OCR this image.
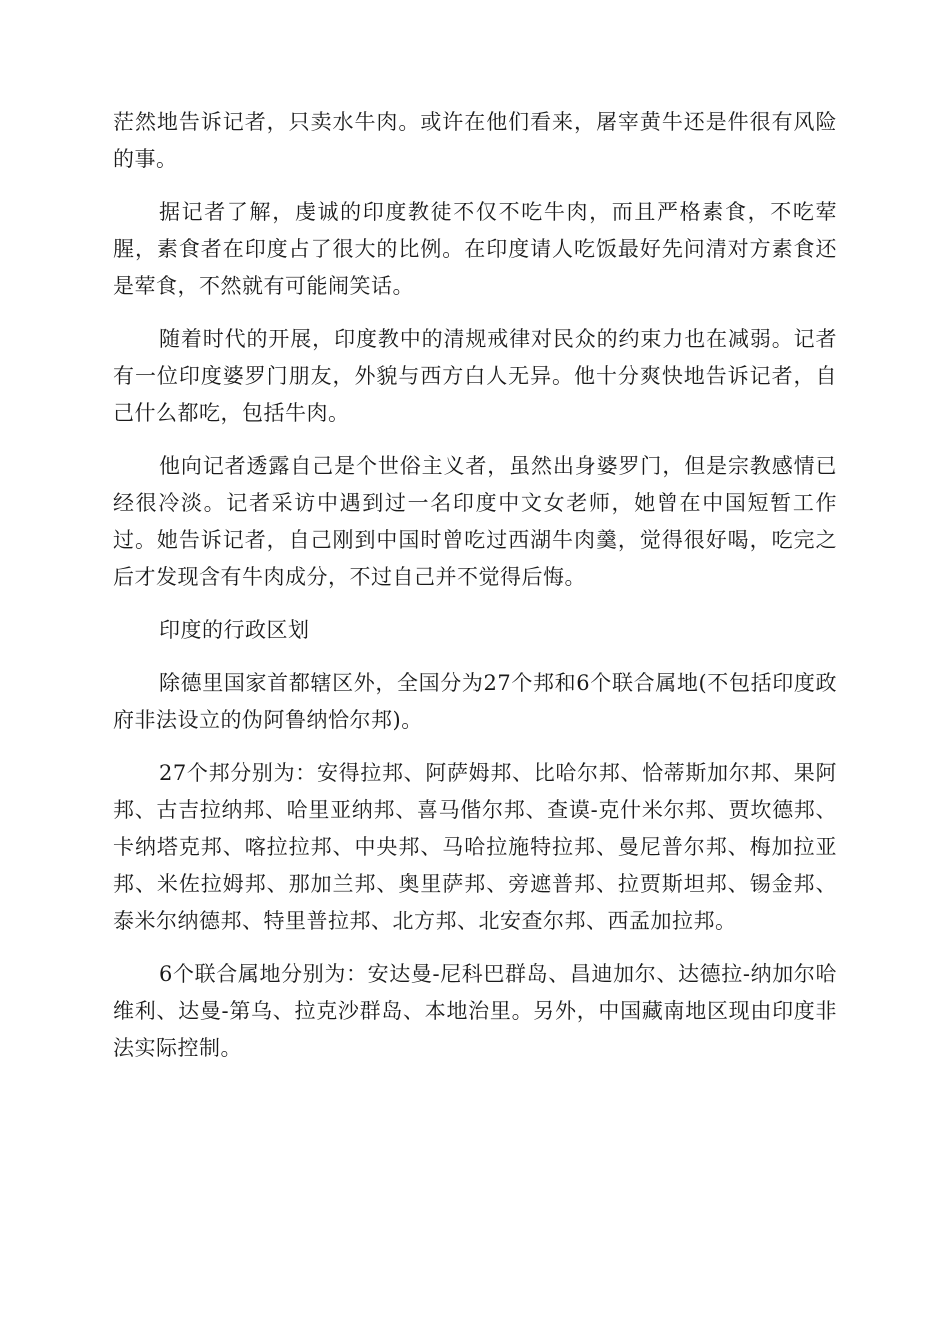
茫然地告诉记者，只卖水牛肉。或许在他们看来，屠宰黄牛还是件很有风险的事。

据记者了解，虔诚的印度教徒不仅不吃牛肉，而且严格素食，不吃荤腥，素食者在印度占了很大的比例。在印度请人吃饭最好先问清对方素食还是荤食，不然就有可能闹笑话。

随着时代的开展，印度教中的清规戒律对民众的约束力也在减弱。记者有一位印度婆罗门朋友，外貌与西方白人无异。他十分爽快地告诉记者，自己什么都吃，包括牛肉。

他向记者透露自己是个世俗主义者，虽然出身婆罗门，但是宗教感情已经很冷淡。记者采访中遇到过一名印度中文女老师，她曾在中国短暂工作过。她告诉记者，自己刚到中国时曾吃过西湖牛肉羹，觉得很好喝，吃完之后才发现含有牛肉成分，不过自己并不觉得后悔。

印度的行政区划

除德里国家首都辖区外，全国分为27个邦和6个联合属地(不包括印度政府非法设立的伪阿鲁纳恰尔邦)。

27个邦分别为：安得拉邦、阿萨姆邦、比哈尔邦、恰蒂斯加尔邦、果阿邦、古吉拉纳邦、哈里亚纳邦、喜马偕尔邦、查谟-克什米尔邦、贾坎德邦、卡纳塔克邦、喀拉拉邦、中央邦、马哈拉施特拉邦、曼尼普尔邦、梅加拉亚邦、米佐拉姆邦、那加兰邦、奥里萨邦、旁遮普邦、拉贾斯坦邦、锡金邦、泰米尔纳德邦、特里普拉邦、北方邦、北安查尔邦、西孟加拉邦。

6个联合属地分别为：安达曼-尼科巴群岛、昌迪加尔、达德拉-纳加尔哈维利、达曼-第乌、拉克沙群岛、本地治里。另外，中国藏南地区现由印度非法实际控制。
